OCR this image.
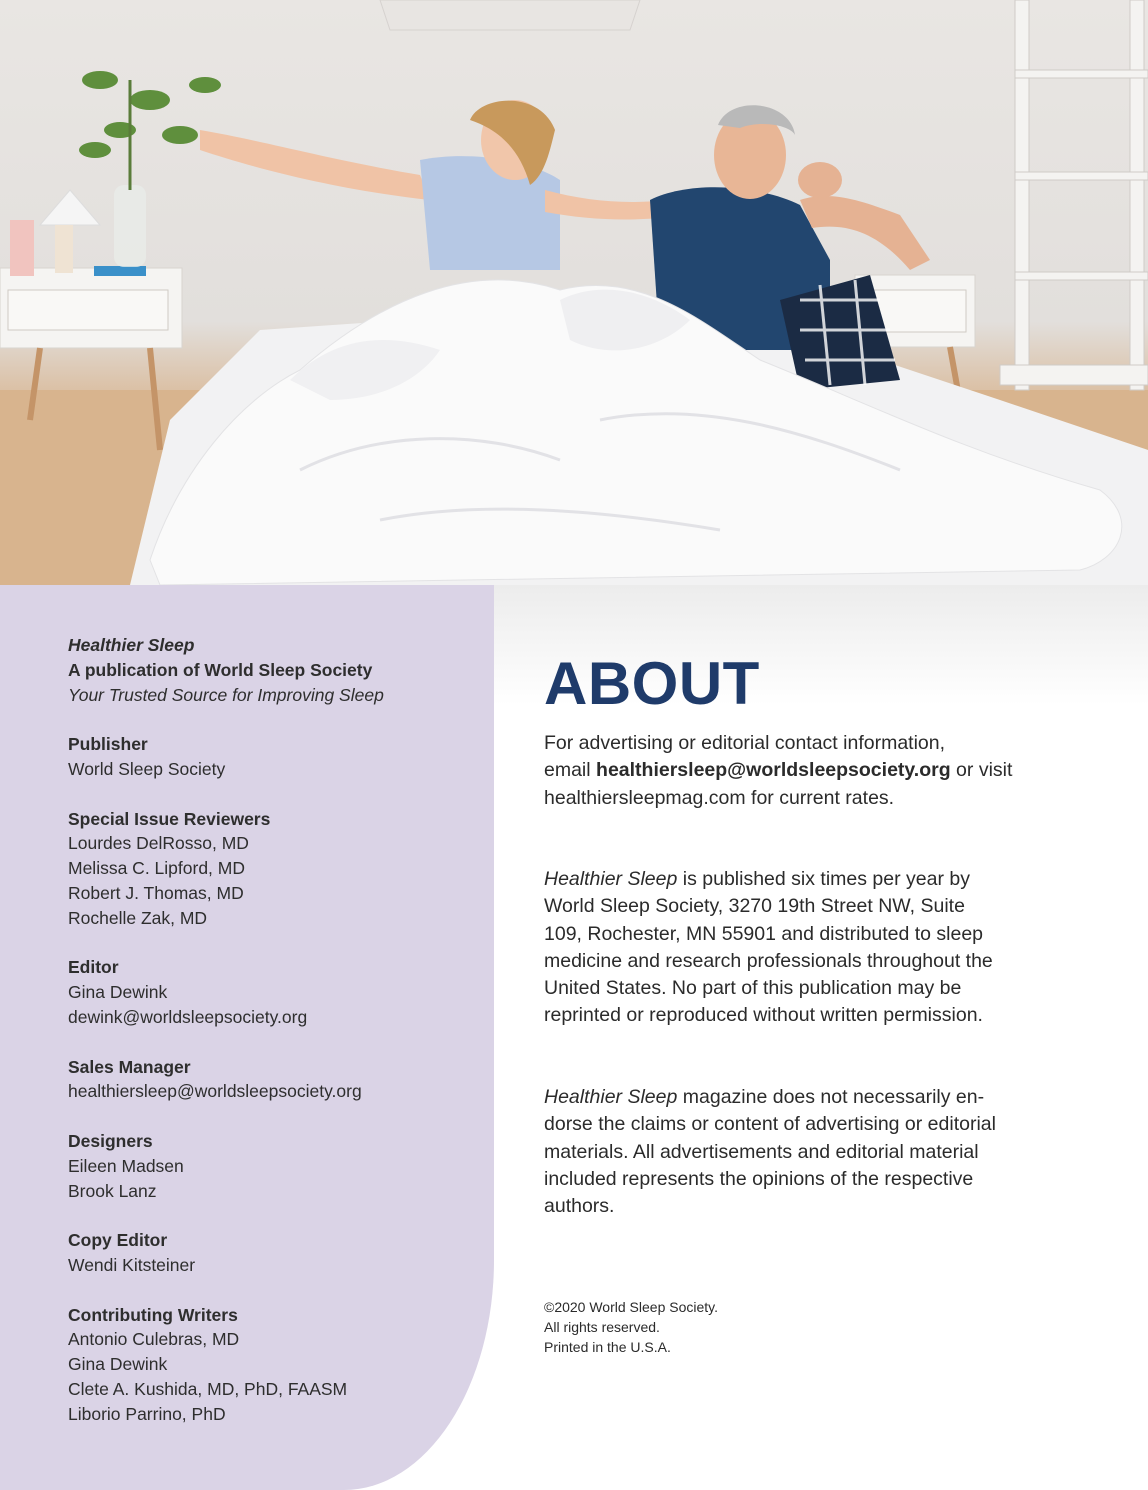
Healthier Sleep
A publication of World Sleep Society
Your Trusted Source for Improving Sleep
Publisher
World Sleep Society
Special Issue Reviewers
Lourdes DelRosso, MD
Melissa C. Lipford, MD
Robert J. Thomas, MD
Rochelle Zak, MD
Editor
Gina Dewink
dewink@worldsleepsociety.org
Sales Manager
healthiersleep@worldsleepsociety.org
Designers
Eileen Madsen
Brook Lanz
Copy Editor
Wendi Kitsteiner
Contributing Writers
Antonio Culebras, MD
Gina Dewink
Clete A. Kushida, MD, PhD, FAASM
Liborio Parrino, PhD
ABOUT
For advertising or editorial contact information,
email healthiersleep@worldsleepsociety.org or visit
healthiersleepmag.com for current rates.
Healthier Sleep is published six times per year by
World Sleep Society, 3270 19th Street NW, Suite
109, Rochester, MN 55901 and distributed to sleep
medicine and research professionals throughout the
United States. No part of this publication may be
reprinted or reproduced without written permission.
Healthier Sleep magazine does not necessarily en-
dorse the claims or content of advertising or editorial
materials. All advertisements and editorial material
included represents the opinions of the respective
authors.
©2020 World Sleep Society.
All rights reserved.
Printed in the U.S.A.
